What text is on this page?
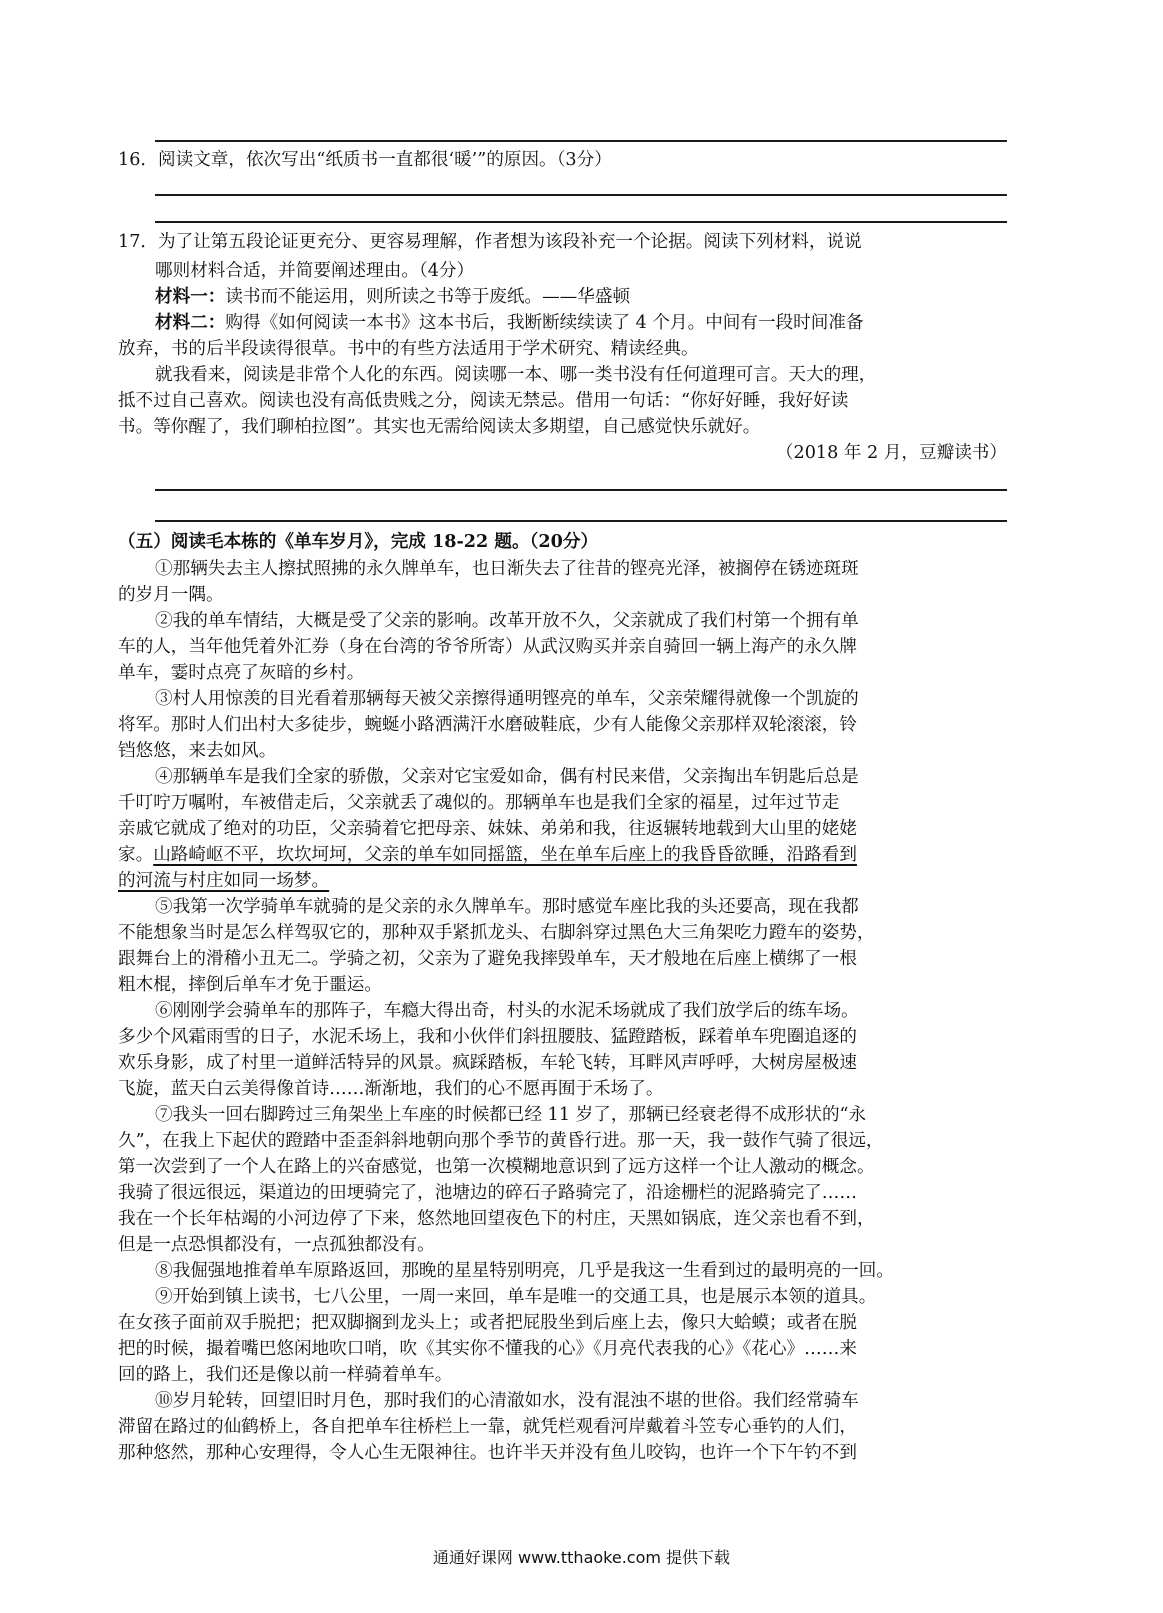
16．阅读文章，依次写出“纸质书一直都很‘暖’”的原因。（3分）
17．为了让第五段论证更充分、更容易理解，作者想为该段补充一个论据。阅读下列材料，说说
哪则材料合适，并简要阐述理由。（4分）
材料一：读书而不能运用，则所读之书等于废纸。——华盛顿
材料二：购得《如何阅读一本书》这本书后，我断断续续读了 4 个月。中间有一段时间准备
放弃，书的后半段读得很草。书中的有些方法适用于学术研究、精读经典。
就我看来，阅读是非常个人化的东西。阅读哪一本、哪一类书没有任何道理可言。天大的理，
抵不过自己喜欢。阅读也没有高低贵贱之分，阅读无禁忌。借用一句话：“你好好睡，我好好读
书。等你醒了，我们聊柏拉图”。其实也无需给阅读太多期望，自己感觉快乐就好。
（2018 年 2 月，豆瓣读书）
（五）阅读毛本栋的《单车岁月》，完成 18-22 题。（20分）
①那辆失去主人擦拭照拂的永久牌单车，也日渐失去了往昔的铿亮光泽，被搁停在锈迹斑斑
的岁月一隅。
②我的单车情结，大概是受了父亲的影响。改革开放不久，父亲就成了我们村第一个拥有单
车的人，当年他凭着外汇券（身在台湾的爷爷所寄）从武汉购买并亲自骑回一辆上海产的永久牌
单车，霎时点亮了灰暗的乡村。
③村人用惊羡的目光看着那辆每天被父亲擦得通明铿亮的单车，父亲荣耀得就像一个凯旋的
将军。那时人们出村大多徒步，蜿蜒小路洒满汗水磨破鞋底，少有人能像父亲那样双轮滚滚，铃
铛悠悠，来去如风。
④那辆单车是我们全家的骄傲，父亲对它宝爱如命，偶有村民来借，父亲掏出车钥匙后总是
千叮咛万嘱咐，车被借走后，父亲就丢了魂似的。那辆单车也是我们全家的福星，过年过节走
亲戚它就成了绝对的功臣，父亲骑着它把母亲、妹妹、弟弟和我，往返辗转地载到大山里的姥姥
家。山路崎岖不平，坎坎坷坷，父亲的单车如同摇篮，坐在单车后座上的我昏昏欲睡，沿路看到
的河流与村庄如同一场梦。
⑤我第一次学骑单车就骑的是父亲的永久牌单车。那时感觉车座比我的头还要高，现在我都
不能想象当时是怎么样驾驭它的，那种双手紧抓龙头、右脚斜穿过黑色大三角架吃力蹬车的姿势，
跟舞台上的滑稽小丑无二。学骑之初，父亲为了避免我摔毁单车，天才般地在后座上横绑了一根
粗木棍，摔倒后单车才免于噩运。
⑥刚刚学会骑单车的那阵子，车瘾大得出奇，村头的水泥禾场就成了我们放学后的练车场。
多少个风霜雨雪的日子，水泥禾场上，我和小伙伴们斜扭腰肢、猛蹬踏板，踩着单车兜圈追逐的
欢乐身影，成了村里一道鲜活特异的风景。疯踩踏板，车轮飞转，耳畔风声呼呼，大树房屋极速
飞旋，蓝天白云美得像首诗……渐渐地，我们的心不愿再囿于禾场了。
⑦我头一回右脚跨过三角架坐上车座的时候都已经 11 岁了，那辆已经衰老得不成形状的“永
久”，在我上下起伏的蹬踏中歪歪斜斜地朝向那个季节的黄昏行进。那一天，我一鼓作气骑了很远，
第一次尝到了一个人在路上的兴奋感觉，也第一次模糊地意识到了远方这样一个让人激动的概念。
我骑了很远很远，渠道边的田埂骑完了，池塘边的碎石子路骑完了，沿途栅栏的泥路骑完了……
我在一个长年枯竭的小河边停了下来，悠然地回望夜色下的村庄，天黑如锅底，连父亲也看不到，
但是一点恐惧都没有，一点孤独都没有。
⑧我倔强地推着单车原路返回，那晚的星星特别明亮，几乎是我这一生看到过的最明亮的一回。
⑨开始到镇上读书，七八公里，一周一来回，单车是唯一的交通工具，也是展示本领的道具。
在女孩子面前双手脱把；把双脚搁到龙头上；或者把屁股坐到后座上去，像只大蛤蟆；或者在脱
把的时候，撮着嘴巴悠闲地吹口哨，吹《其实你不懂我的心》《月亮代表我的心》《花心》……来
回的路上，我们还是像以前一样骑着单车。
⑩岁月轮转，回望旧时月色，那时我们的心清澈如水，没有混浊不堪的世俗。我们经常骑车
滞留在路过的仙鹤桥上，各自把单车往桥栏上一靠，就凭栏观看河岸戴着斗笠专心垂钓的人们，
那种悠然，那种心安理得，令人心生无限神往。也许半天并没有鱼儿咬钩，也许一个下午钓不到
通通好课网 www.tthaoke.com 提供下载
